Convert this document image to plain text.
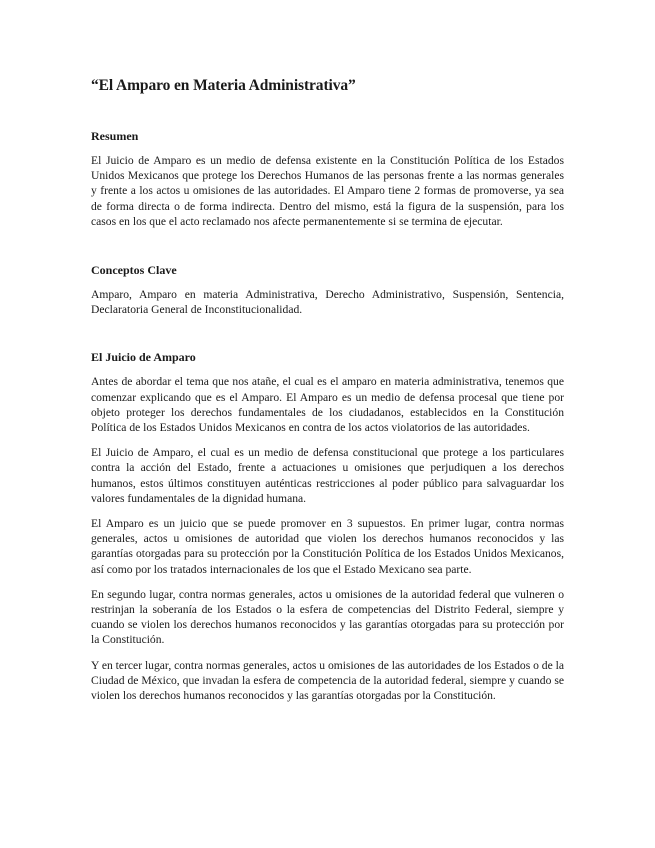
“El Amparo en Materia Administrativa”
Resumen

El Juicio de Amparo es un medio de defensa existente en la Constitución Política de los Estados Unidos Mexicanos que protege los Derechos Humanos de las personas frente a las normas generales y frente a los actos u omisiones de las autoridades. El Amparo tiene 2 formas de promoverse, ya sea de forma directa o de forma indirecta. Dentro del mismo, está la figura de la suspensión, para los casos en los que el acto reclamado nos afecte permanentemente si se termina de ejecutar.

Conceptos Clave

Amparo, Amparo en materia Administrativa, Derecho Administrativo, Suspensión, Sentencia, Declaratoria General de Inconstitucionalidad.

El Juicio de Amparo

Antes de abordar el tema que nos atañe, el cual es el amparo en materia administrativa, tenemos que comenzar explicando que es el Amparo. El Amparo es un medio de defensa procesal que tiene por objeto proteger los derechos fundamentales de los ciudadanos, establecidos en la Constitución Política de los Estados Unidos Mexicanos en contra de los actos violatorios de las autoridades.

El Juicio de Amparo, el cual es un medio de defensa constitucional que protege a los particulares contra la acción del Estado, frente a actuaciones u omisiones que perjudiquen a los derechos humanos, estos últimos constituyen auténticas restricciones al poder público para salvaguardar los valores fundamentales de la dignidad humana.

El Amparo es un juicio que se puede promover en 3 supuestos. En primer lugar, contra normas generales, actos u omisiones de autoridad que violen los derechos humanos reconocidos y las garantías otorgadas para su protección por la Constitución Política de los Estados Unidos Mexicanos, así como por los tratados internacionales de los que el Estado Mexicano sea parte.

En segundo lugar, contra normas generales, actos u omisiones de la autoridad federal que vulneren o restrinjan la soberanía de los Estados o la esfera de competencias del Distrito Federal, siempre y cuando se violen los derechos humanos reconocidos y las garantías otorgadas para su protección por la Constitución.

Y en tercer lugar, contra normas generales, actos u omisiones de las autoridades de los Estados o de la Ciudad de México, que invadan la esfera de competencia de la autoridad federal, siempre y cuando se violen los derechos humanos reconocidos y las garantías otorgadas por la Constitución.
